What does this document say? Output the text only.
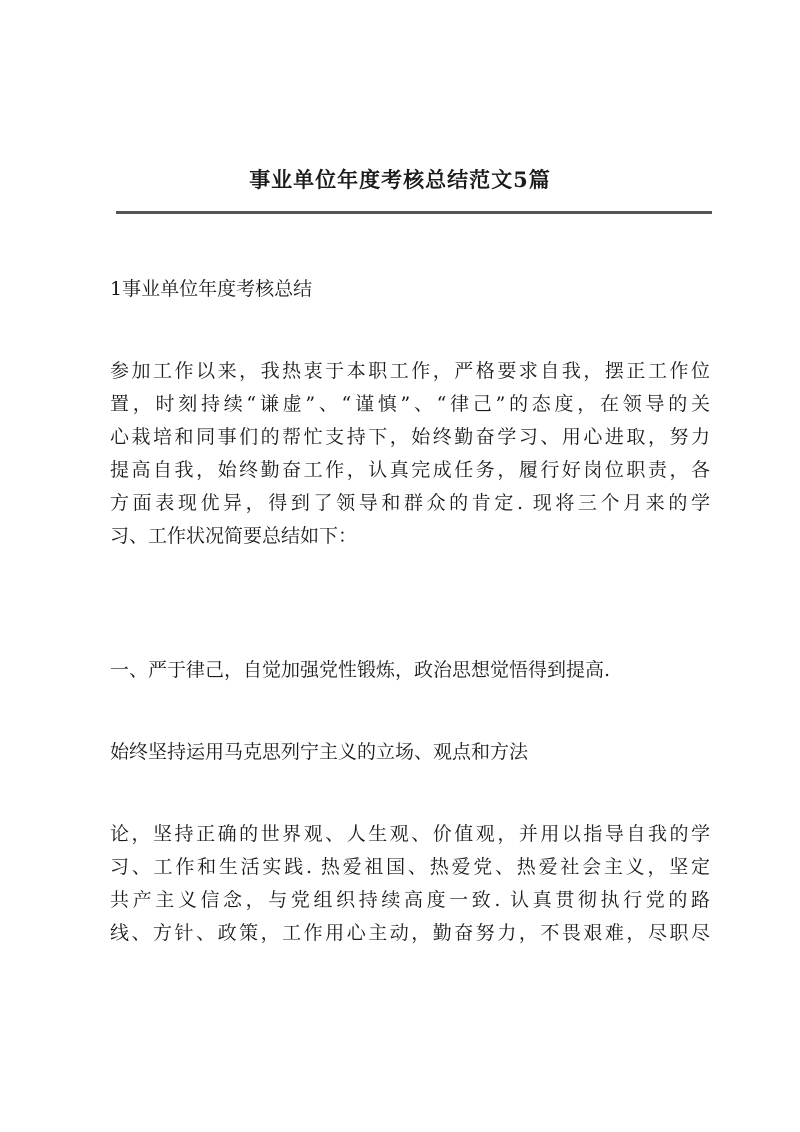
事业单位年度考核总结范文5篇
1事业单位年度考核总结
参加工作以来，我热衷于本职工作，严格要求自我，摆正工作位
置，时刻持续“谦虚”、“谨慎”、“律己”的态度，在领导的关
心栽培和同事们的帮忙支持下，始终勤奋学习、用心进取，努力
提高自我，始终勤奋工作，认真完成任务，履行好岗位职责，各
方面表现优异，得到了领导和群众的肯定. 现将三个月来的学
习、工作状况简要总结如下：
一、严于律己，自觉加强党性锻炼，政治思想觉悟得到提高.
始终坚持运用马克思列宁主义的立场、观点和方法
论，坚持正确的世界观、人生观、价值观，并用以指导自我的学
习、工作和生活实践. 热爱祖国、热爱党、热爱社会主义，坚定
共产主义信念，与党组织持续高度一致. 认真贯彻执行党的路
线、方针、政策，工作用心主动，勤奋努力，不畏艰难，尽职尽
